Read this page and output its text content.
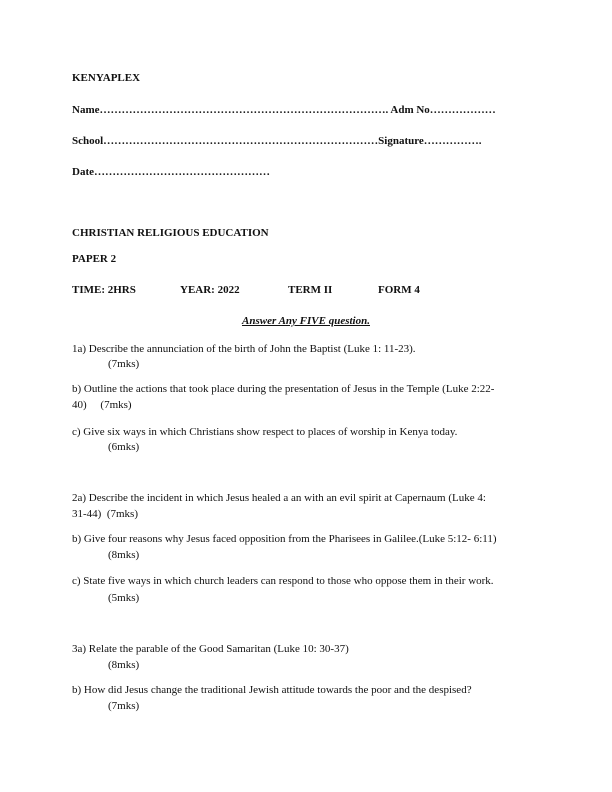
KENYAPLEX
Name……………………………………………………………………. Adm No………………
School…………………………………………………………………Signature…………….
Date…………………………………………
CHRISTIAN RELIGIOUS EDUCATION
PAPER 2
TIME: 2HRS	YEAR: 2022	TERM II	FORM 4
Answer Any FIVE question.
1a) Describe the annunciation of the birth of John the Baptist (Luke 1: 11-23).
(7mks)
b) Outline the actions that took place during the presentation of Jesus in the Temple (Luke 2:22-
40)     (7mks)
c) Give six ways in which Christians show respect to places of worship in Kenya today.
(6mks)
2a) Describe the incident in which Jesus healed a an with an evil spirit at Capernaum (Luke 4:
31-44)  (7mks)
b) Give four reasons why Jesus faced opposition from the Pharisees in Galilee.(Luke 5:12- 6:11)
(8mks)
c) State five ways in which church leaders can respond to those who oppose them in their work.
(5mks)
3a) Relate the parable of the Good Samaritan (Luke 10: 30-37)
(8mks)
b) How did Jesus change the traditional Jewish attitude towards the poor and the despised?
(7mks)
